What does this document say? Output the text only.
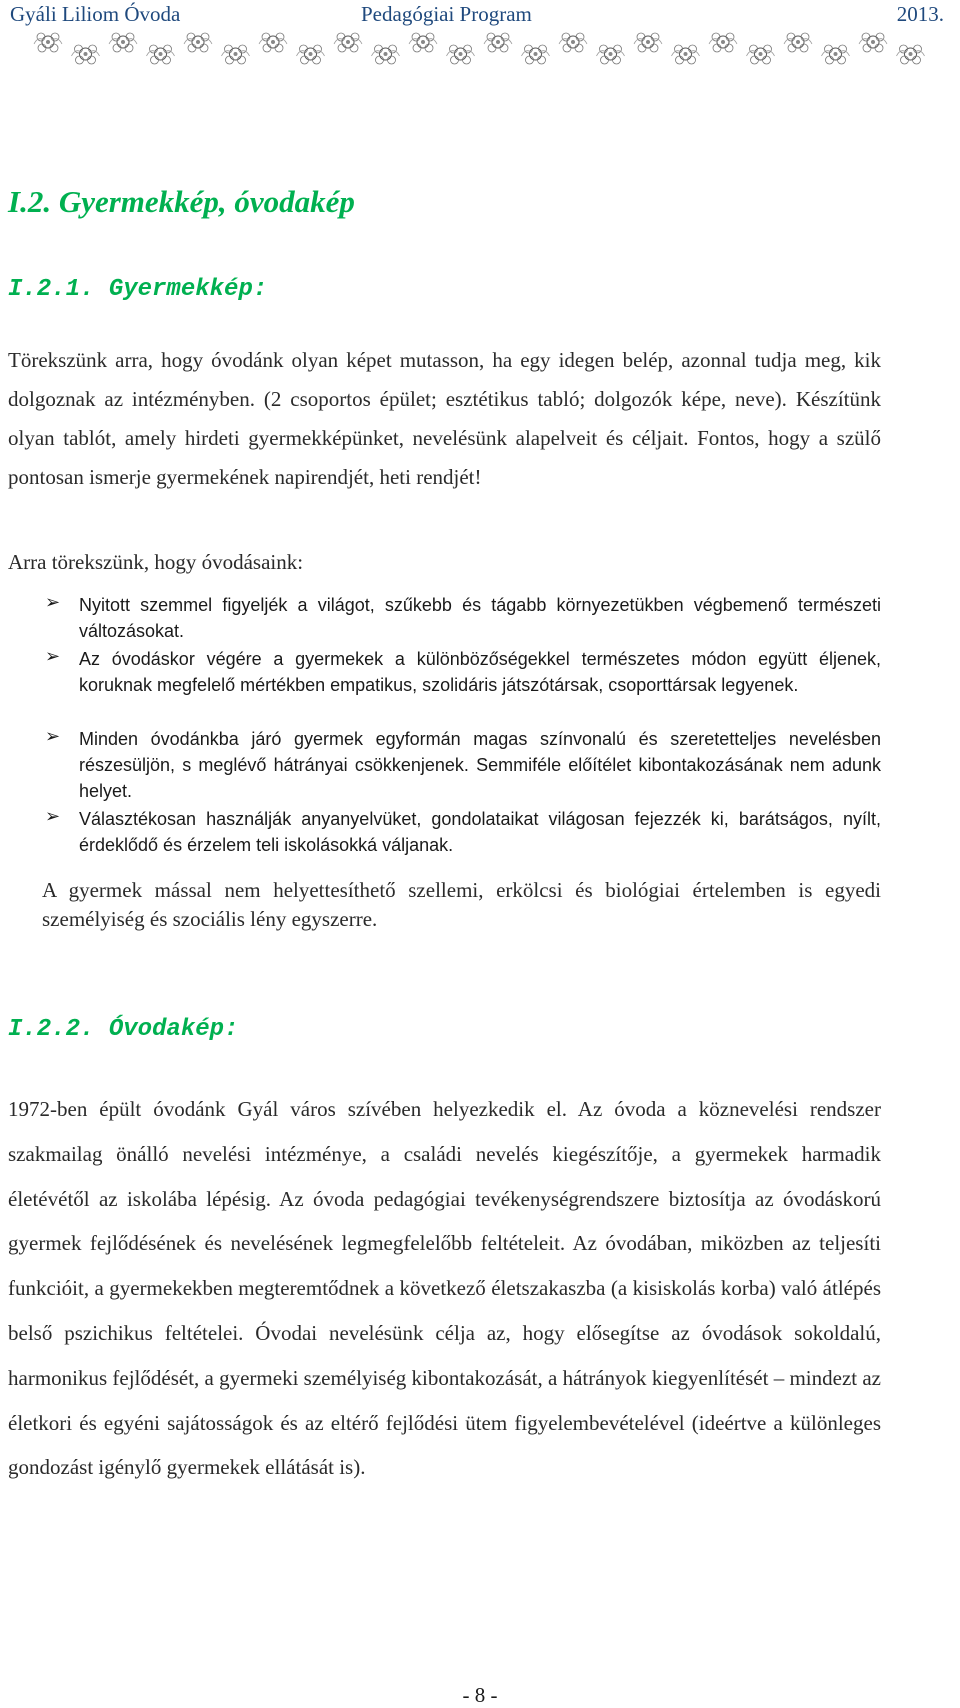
Gyáli Liliom Óvoda	Pedagógiai Program	2013.
I.2. Gyermekkép, óvodakép
I.2.1. Gyermekkép:
Törekszünk arra, hogy óvodánk olyan képet mutasson, ha egy idegen belép, azonnal tudja meg, kik dolgoznak az intézményben. (2 csoportos épület; esztétikus tabló; dolgozók képe, neve). Készítünk olyan tablót, amely hirdeti gyermekképünket, nevelésünk alapelveit és céljait. Fontos, hogy a szülő pontosan ismerje gyermekének napirendjét, heti rendjét!
Arra törekszünk, hogy óvodásaink:
➢ Nyitott szemmel figyeljék a világot, szűkebb és tágabb környezetükben végbemenő természeti változásokat.
➢ Az óvodáskor végére a gyermekek a különbözőségekkel természetes módon együtt éljenek, koruknak megfelelő mértékben empatikus, szolidáris játszótársak, csoporttársak legyenek.
➢ Minden óvodánkba járó gyermek egyformán magas színvonalú és szeretetteljes nevelésben részesüljön, s meglévő hátrányai csökkenjenek. Semmiféle előítélet kibontakozásának nem adunk helyet.
➢ Választékosan használják anyanyelvüket, gondolataikat világosan fejezzék ki, barátságos, nyílt, érdeklődő és érzelem teli iskolásokká váljanak.
A gyermek mással nem helyettesíthető szellemi, erkölcsi és biológiai értelemben is egyedi személyiség és szociális lény egyszerre.
I.2.2. Óvodakép:
1972-ben épült óvodánk Gyál város szívében helyezkedik el. Az óvoda a köznevelési rendszer szakmailag önálló nevelési intézménye, a családi nevelés kiegészítője, a gyermekek harmadik életévétől az iskolába lépésig. Az óvoda pedagógiai tevékenységrendszere biztosítja az óvodáskorú gyermek fejlődésének és nevelésének legmegfelelőbb feltételeit. Az óvodában, miközben az teljesíti funkcióit, a gyermekekben megteremtődnek a következő életszakaszba (a kisiskolás korba) való átlépés belső pszichikus feltételei. Óvodai nevelésünk célja az, hogy elősegítse az óvodások sokoldalú, harmonikus fejlődését, a gyermeki személyiség kibontakozását, a hátrányok kiegyenlítését – mindezt az életkori és egyéni sajátosságok és az eltérő fejlődési ütem figyelembevételével (ideértve a különleges gondozást igénylő gyermekek ellátását is).
- 8 -
